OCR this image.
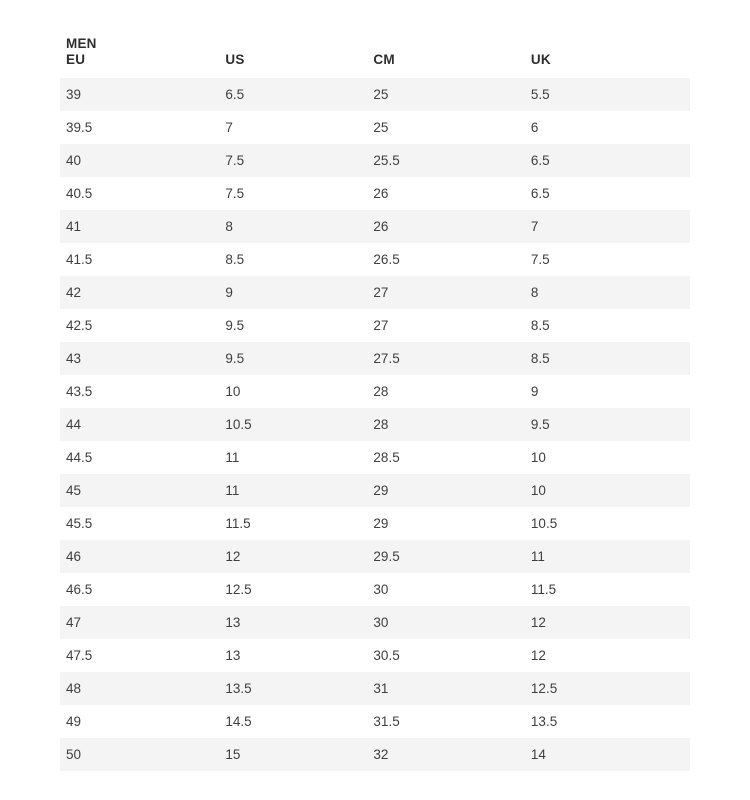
MEN			
EU	US	CM	UK
39	6.5	25	5.5
39.5	7	25	6
40	7.5	25.5	6.5
40.5	7.5	26	6.5
41	8	26	7
41.5	8.5	26.5	7.5
42	9	27	8
42.5	9.5	27	8.5
43	9.5	27.5	8.5
43.5	10	28	9
44	10.5	28	9.5
44.5	11	28.5	10
45	11	29	10
45.5	11.5	29	10.5
46	12	29.5	11
46.5	12.5	30	11.5
47	13	30	12
47.5	13	30.5	12
48	13.5	31	12.5
49	14.5	31.5	13.5
50	15	32	14
